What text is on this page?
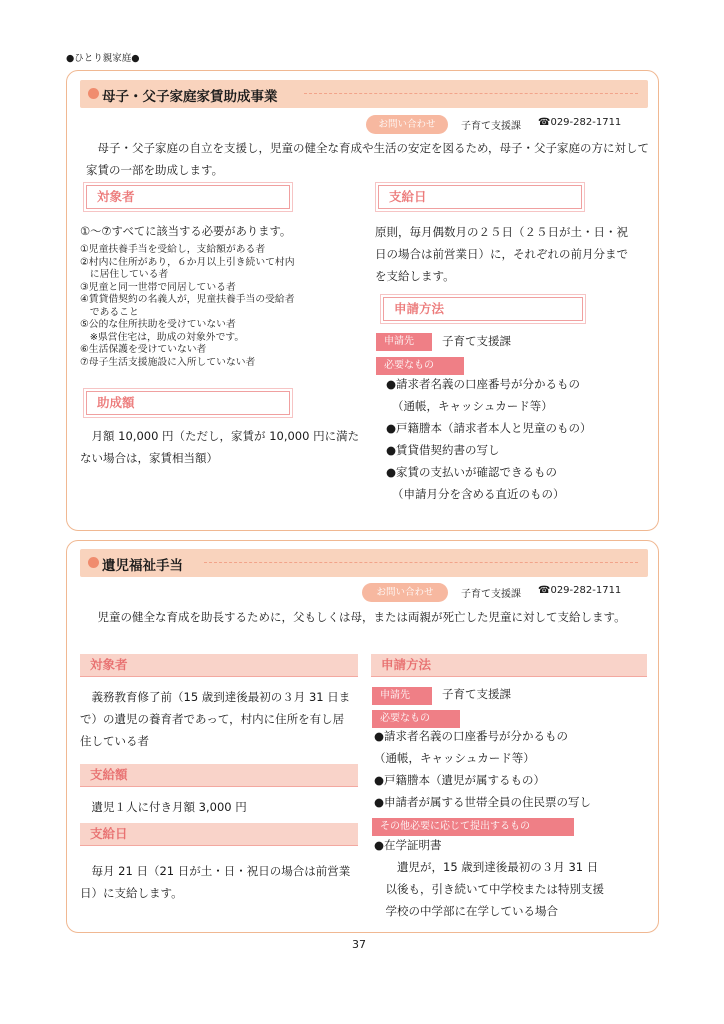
●ひとり親家庭●
母子・父子家庭家賃助成事業
お問い合わせ	子育て支援課 ☎029-282-1711
　母子・父子家庭の自立を支援し，児童の健全な育成や生活の安定を図るため，母子・父子家庭の方に対して家賃の一部を助成します。
対象者
①～⑦すべてに該当する必要があります。
①児童扶養手当を受給し，支給額がある者
②村内に住所があり，６か月以上引き続いて村内
　に居住している者
③児童と同一世帯で同居している者
④賃貸借契約の名義人が，児童扶養手当の受給者
　であること
⑤公的な住所扶助を受けていない者
　※県営住宅は，助成の対象外です。
⑥生活保護を受けていない者
⑦母子生活支援施設に入所していない者
助成額
　月額 10,000 円（ただし，家賃が 10,000 円に満たない場合は，家賃相当額）
支給日
原則，毎月偶数月の２５日（２５日が土・日・祝日の場合は前営業日）に，それぞれの前月分までを支給します。
申請方法
申請先	子育て支援課
必要なもの
●請求者名義の口座番号が分かるもの
（通帳，キャッシュカード等）
●戸籍謄本（請求者本人と児童のもの）
●賃貸借契約書の写し
●家賃の支払いが確認できるもの
（申請月分を含める直近のもの）
遺児福祉手当
お問い合わせ	子育て支援課 ☎029-282-1711
　児童の健全な育成を助長するために，父もしくは母，または両親が死亡した児童に対して支給します。
対象者
　義務教育修了前（15 歳到達後最初の３月 31 日まで）の遺児の養育者であって，村内に住所を有し居住している者
支給額
　遺児１人に付き月額 3,000 円
支給日
　毎月 21 日（21 日が土・日・祝日の場合は前営業日）に支給します。
申請方法
申請先	子育て支援課
必要なもの
●請求者名義の口座番号が分かるもの
（通帳，キャッシュカード等）
●戸籍謄本（遺児が属するもの）
●申請者が属する世帯全員の住民票の写し
その他必要に応じて提出するもの
●在学証明書
　　遺児が，15 歳到達後最初の３月 31 日
　以後も，引き続いて中学校または特別支援
　学校の中学部に在学している場合
37
